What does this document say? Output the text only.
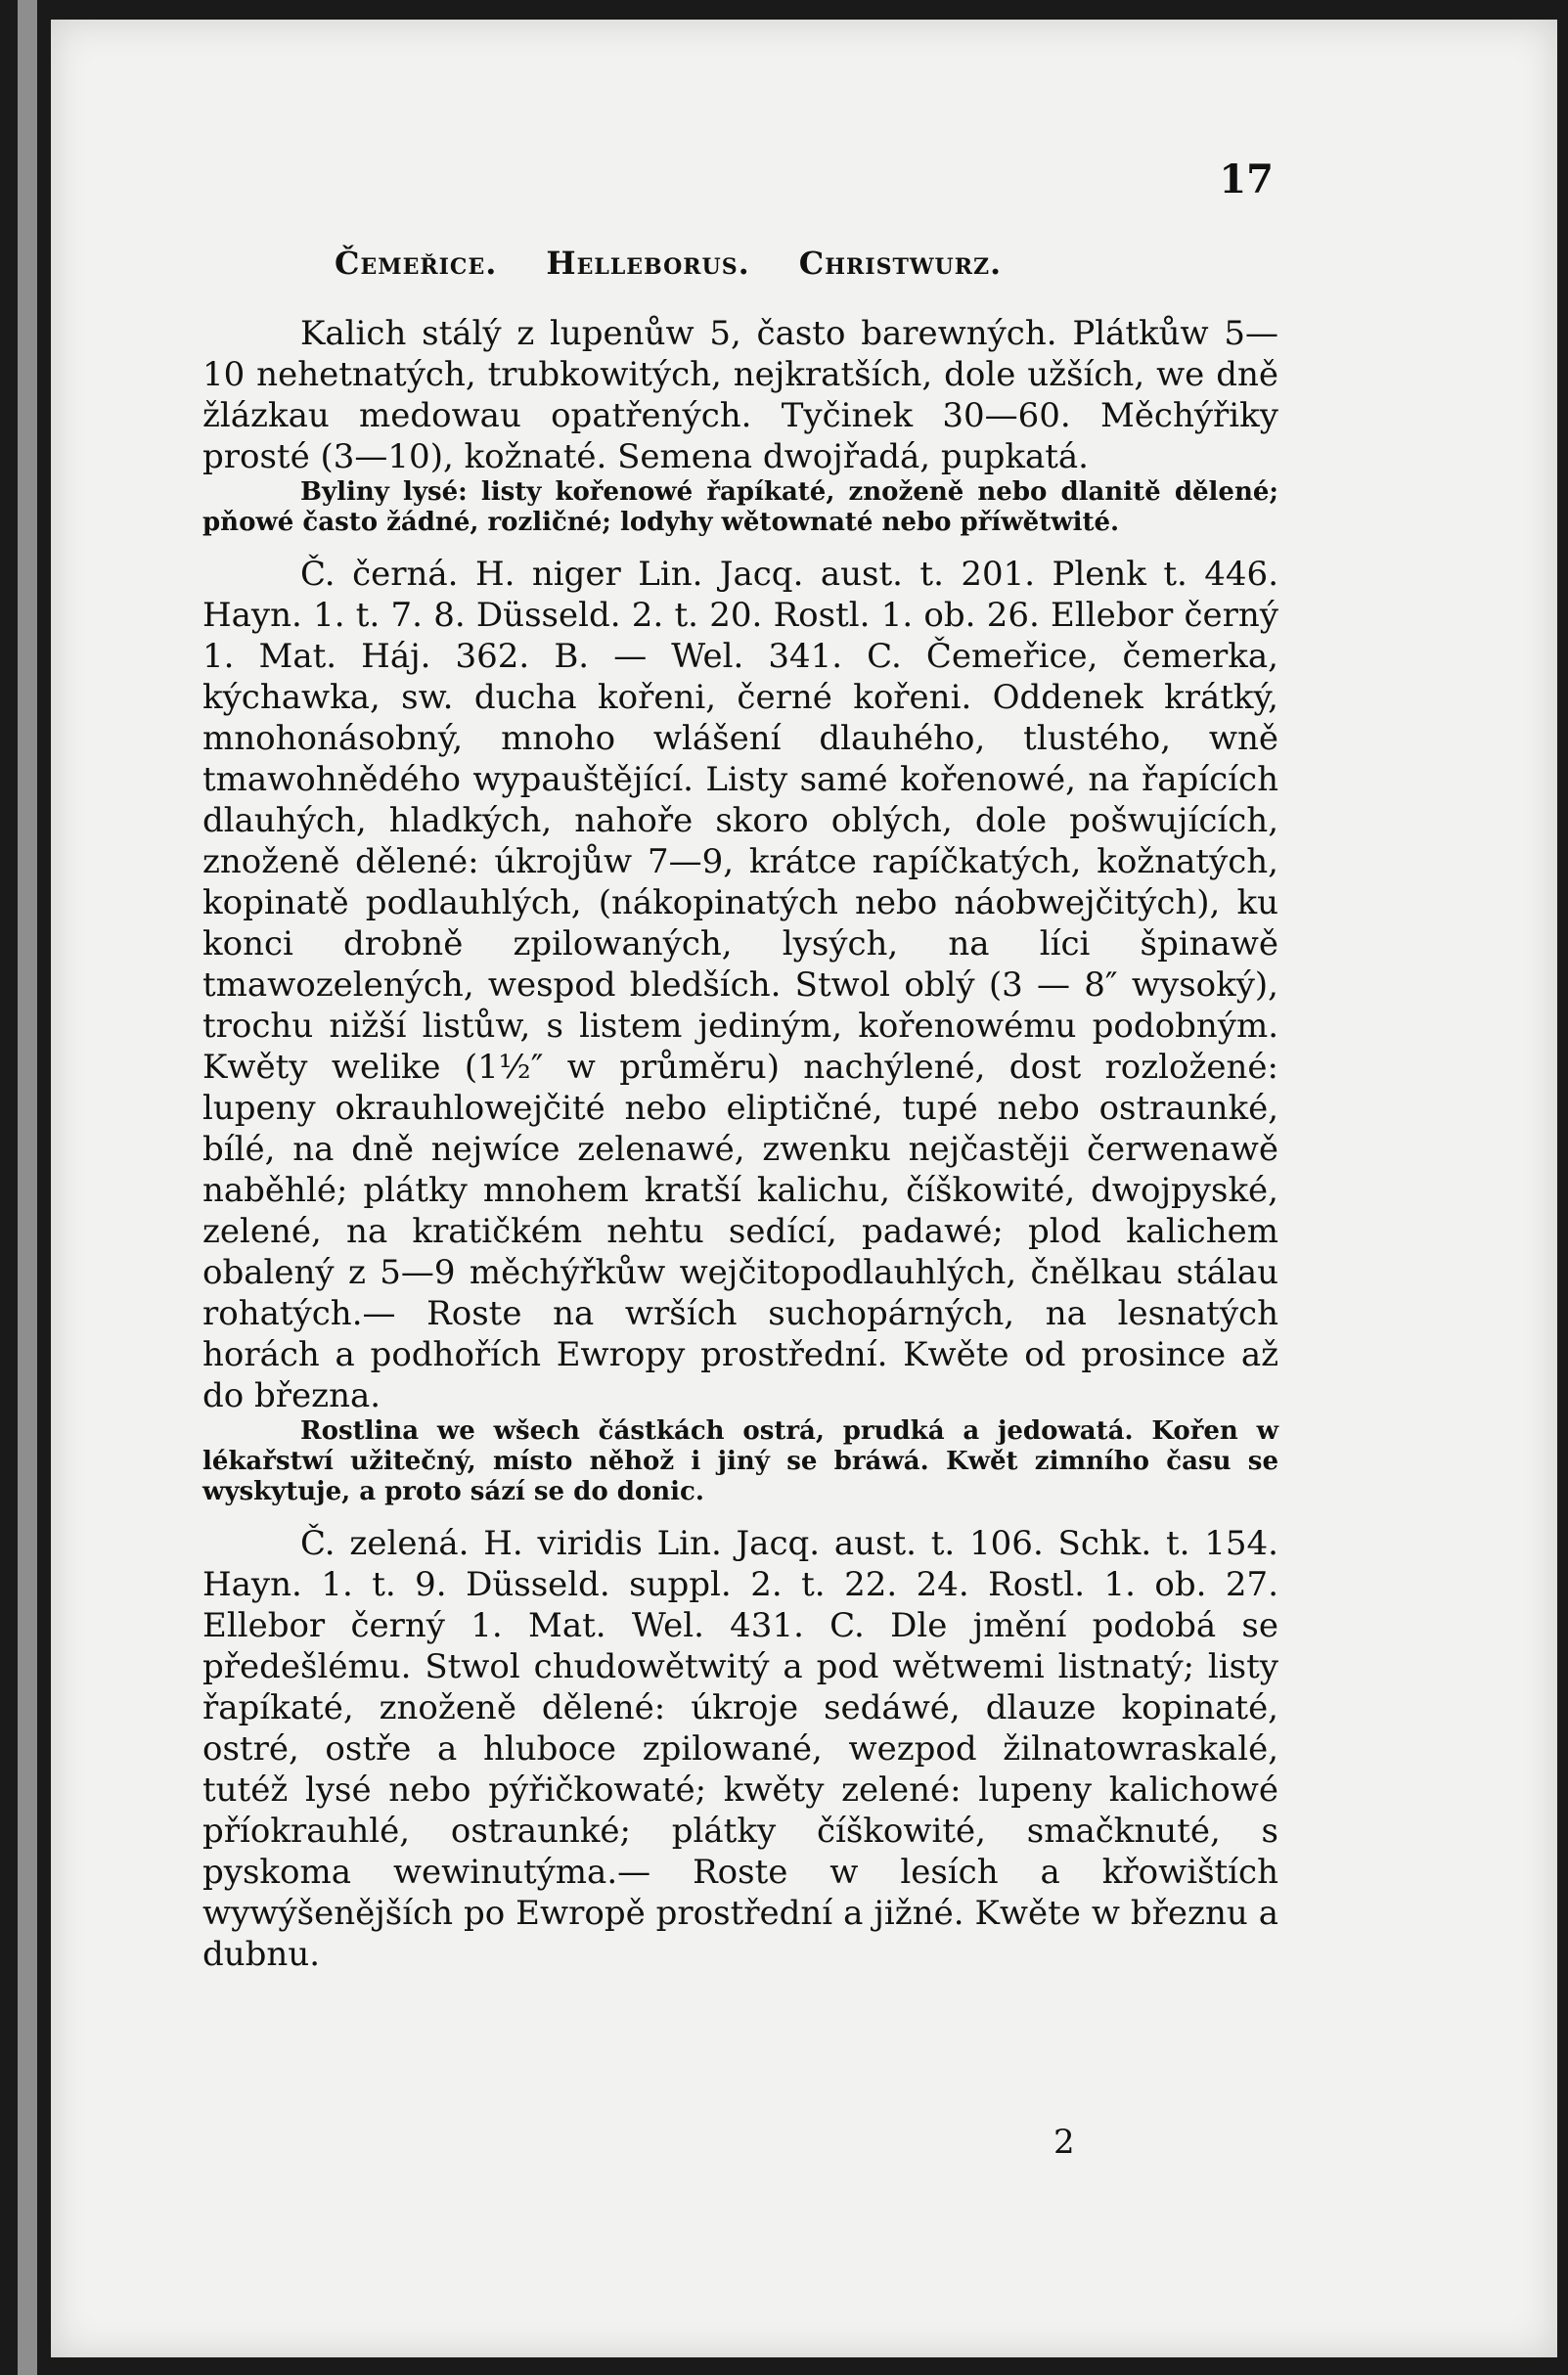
17
Čemeřice. Helleborus. Christwurz.

Kalich stálý z lupenůw 5, často barewných. Plátkůw 5—10 nehetnatých, trubkowitých, nejkratších, dole užších, we dně žlázkau medowau opatřených. Tyčinek 30—60. Měchýřiky prosté (3—10), kožnaté. Semena dwojřadá, pupkatá.

Byliny lysé: listy kořenowé řapíkaté, znoženě nebo dlanitě dělené; pňowé často žádné, rozličné; lodyhy wětownaté nebo příwětwité.

Č. černá. H. niger Lin. Jacq. aust. t. 201. Plenk t. 446. Hayn. 1. t. 7. 8. Düsseld. 2. t. 20. Rostl. 1. ob. 26. Ellebor černý 1. Mat. Háj. 362. B. — Wel. 341. C. Čemeřice, čemerka, kýchawka, sw. ducha kořeni, černé kořeni. Oddenek krátký, mnohonásobný, mnoho wlášení dlauhého, tlustého, wně tmawohnědého wypauštějící. Listy samé kořenowé, na řapících dlauhých, hladkých, nahoře skoro oblých, dole pošwujících, znoženě dělené: úkrojůw 7—9, krátce rapíčkatých, kožnatých, kopinatě podlauhlých, (nákopinatých nebo náobwejčitých), ku konci drobně zpilowaných, lysých, na líci špinawě tmawozelených, wespod bledších. Stwol oblý (3 — 8″ wysoký), trochu nižší listůw, s listem jediným, kořenowému podobným. Kwěty welike (1½″ w průměru) nachýlené, dost rozložené: lupeny okrauhlowejčité nebo eliptičné, tupé nebo ostraunké, bílé, na dně nejwíce zelenawé, zwenku nejčastěji čerwenawě naběhlé; plátky mnohem kratší kalichu, číškowité, dwojpyské, zelené, na kratičkém nehtu sedící, padawé; plod kalichem obalený z 5—9 měchýřkůw wejčitopodlauhlých, čnělkau stálau rohatých.— Roste na wrších suchopárných, na lesnatých horách a podhořích Ewropy prostřední. Kwěte od prosince až do března.

Rostlina we wšech částkách ostrá, prudká a jedowatá. Kořen w lékařstwí užitečný, místo něhož i jiný se bráwá. Kwět zimního času se wyskytuje, a proto sází se do donic.

Č. zelená. H. viridis Lin. Jacq. aust. t. 106. Schk. t. 154. Hayn. 1. t. 9. Düsseld. suppl. 2. t. 22. 24. Rostl. 1. ob. 27. Ellebor černý 1. Mat. Wel. 431. C. Dle jmění podobá se předešlému. Stwol chudowětwitý a pod wětwemi listnatý; listy řapíkaté, znoženě dělené: úkroje sedáwé, dlauze kopinaté, ostré, ostře a hluboce zpilowané, wezpod žilnatowraskalé, tutéž lysé nebo pýřičkowaté; kwěty zelené: lupeny kalichowé příokrauhlé, ostraunké; plátky číškowité, smačknuté, s pyskoma wewinutýma.— Roste w lesích a křowištích wywýšenějších po Ewropě prostřední a jižné. Kwěte w březnu a dubnu.

2
